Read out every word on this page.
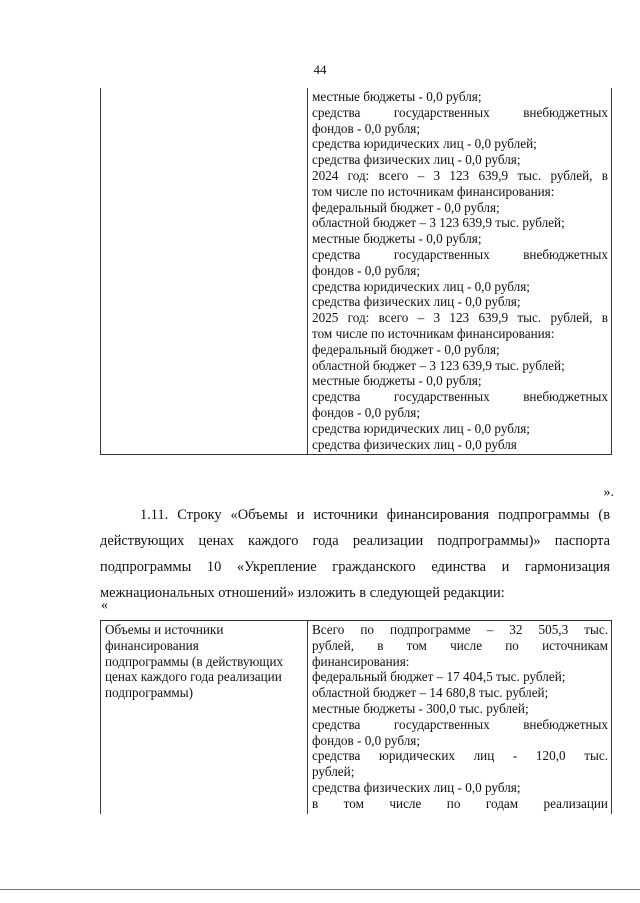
44

местные бюджеты - 0,0 рубля;
средства государственных внебюджетных
фондов - 0,0 рубля;
средства юридических лиц - 0,0 рублей;
средства физических лиц - 0,0 рубля;
2024 год: всего – 3 123 639,9 тыс. рублей, в
том числе по источникам финансирования:
федеральный бюджет - 0,0 рубля;
областной бюджет – 3 123 639,9 тыс. рублей;
местные бюджеты - 0,0 рубля;
средства государственных внебюджетных
фондов - 0,0 рубля;
средства юридических лиц - 0,0 рубля;
средства физических лиц - 0,0 рубля;
2025 год: всего – 3 123 639,9 тыс. рублей, в
том числе по источникам финансирования:
федеральный бюджет - 0,0 рубля;
областной бюджет – 3 123 639,9 тыс. рублей;
местные бюджеты - 0,0 рубля;
средства государственных внебюджетных
фондов - 0,0 рубля;
средства юридических лиц - 0,0 рубля;
средства физических лиц - 0,0 рубля
».
1.11. Строку «Объемы и источники финансирования подпрограммы (в
действующих ценах каждого года реализации подпрограммы)» паспорта
подпрограммы 10 «Укрепление гражданского единства и гармонизация
межнациональных отношений» изложить в следующей редакции:
«
Объемы и источники
финансирования
подпрограммы (в действующих
ценах каждого года реализации
подпрограммы)

Всего по подпрограмме – 32 505,3 тыс.
рублей, в том числе по источникам
финансирования:
федеральный бюджет – 17 404,5 тыс. рублей;
областной бюджет – 14 680,8 тыс. рублей;
местные бюджеты - 300,0 тыс. рублей;
средства государственных внебюджетных
фондов - 0,0 рубля;
средства юридических лиц - 120,0 тыс.
рублей;
средства физических лиц - 0,0 рубля;
в том числе по годам реализации
